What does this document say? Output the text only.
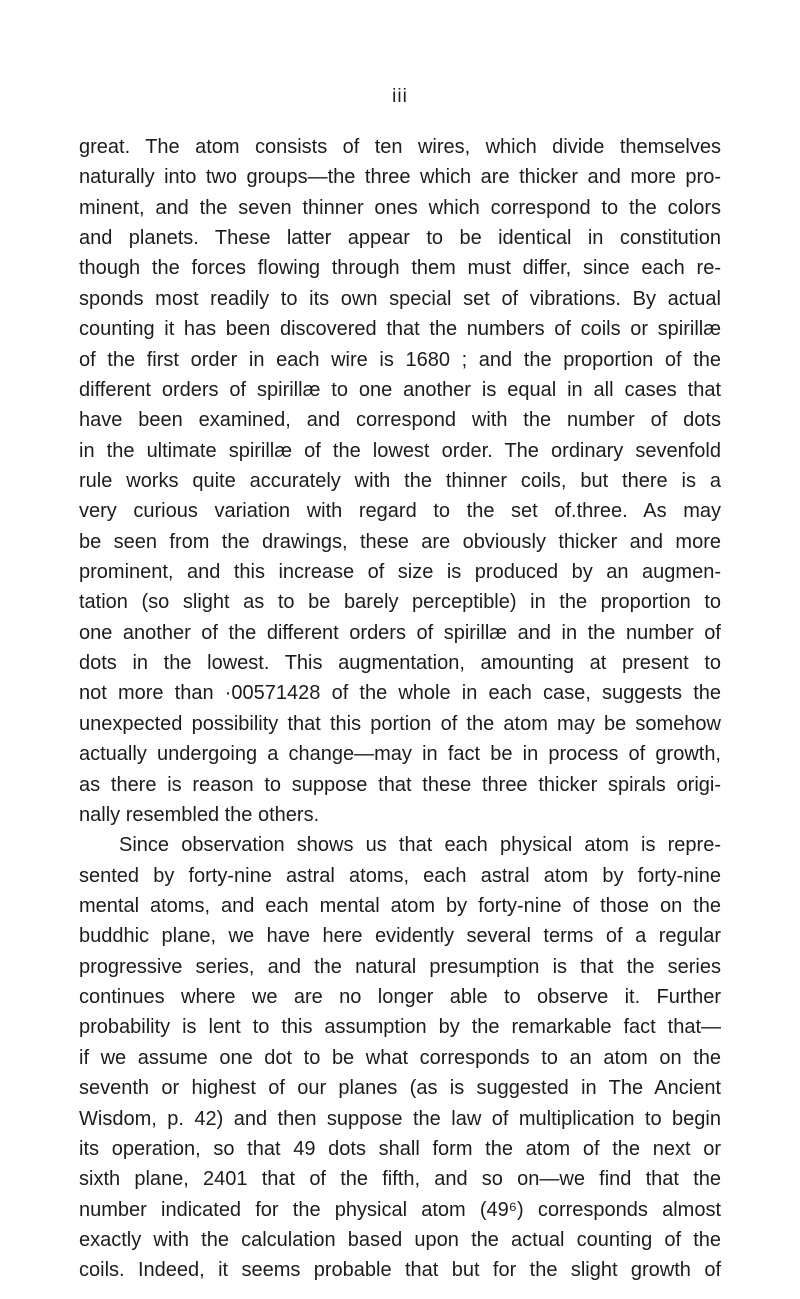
iii
great. The atom consists of ten wires, which divide themselves
naturally into two groups—the three which are thicker and more pro-
minent, and the seven thinner ones which correspond to the colors
and planets. These latter appear to be identical in constitution
though the forces flowing through them must differ, since each re-
sponds most readily to its own special set of vibrations. By actual
counting it has been discovered that the numbers of coils or spirillæ
of the first order in each wire is 1680 ; and the proportion of the
different orders of spirillæ to one another is equal in all cases that
have been examined, and correspond with the number of dots
in the ultimate spirillæ of the lowest order. The ordinary sevenfold
rule works quite accurately with the thinner coils, but there is a
very curious variation with regard to the set of.three. As may
be seen from the drawings, these are obviously thicker and more
prominent, and this increase of size is produced by an augmen-
tation (so slight as to be barely perceptible) in the proportion to
one another of the different orders of spirillæ and in the number of
dots in the lowest. This augmentation, amounting at present to
not more than ·00571428 of the whole in each case, suggests the
unexpected possibility that this portion of the atom may be somehow
actually undergoing a change—may in fact be in process of growth,
as there is reason to suppose that these three thicker spirals origi-
nally resembled the others.
Since observation shows us that each physical atom is repre-
sented by forty-nine astral atoms, each astral atom by forty-nine
mental atoms, and each mental atom by forty-nine of those on the
buddhic plane, we have here evidently several terms of a regular
progressive series, and the natural presumption is that the series
continues where we are no longer able to observe it. Further
probability is lent to this assumption by the remarkable fact that—
if we assume one dot to be what corresponds to an atom on the
seventh or highest of our planes (as is suggested in The Ancient
Wisdom, p. 42) and then suppose the law of multiplication to begin
its operation, so that 49 dots shall form the atom of the next or
sixth plane, 2401 that of the fifth, and so on—we find that the
number indicated for the physical atom (49⁶) corresponds almost
exactly with the calculation based upon the actual counting of the
coils. Indeed, it seems probable that but for the slight growth of
